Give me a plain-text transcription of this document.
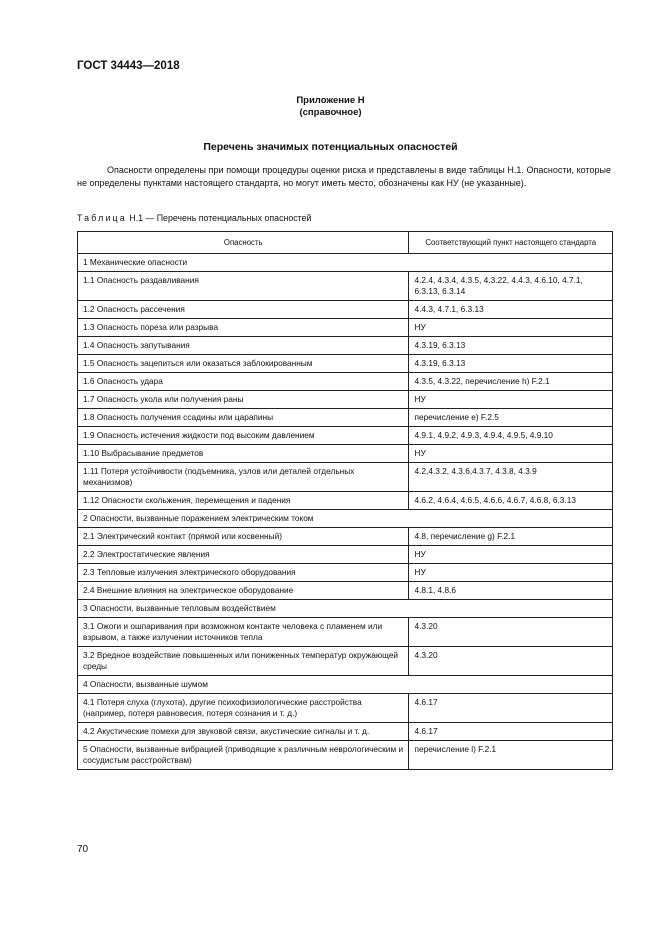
ГОСТ 34443—2018
Приложение Н
(справочное)
Перечень значимых потенциальных опасностей
Опасности определены при помощи процедуры оценки риска и представлены в виде таблицы Н.1. Опасности, которые не определены пунктами настоящего стандарта, но могут иметь место, обозначены как НУ (не указанные).
Таблица Н.1 — Перечень потенциальных опасностей
Опасность	Соответствующий пункт настоящего стандарта
1 Механические опасности	
1.1 Опасность раздавливания	4.2.4, 4.3.4, 4.3.5, 4.3.22, 4.4.3, 4.6.10, 4.7.1, 6.3.13, 6.3.14
1.2 Опасность рассечения	4.4.3, 4.7.1, 6.3.13
1.3 Опасность пореза или разрыва	НУ
1.4 Опасность запутывания	4.3.19, 6.3.13
1.5 Опасность зацепиться или оказаться заблокированным	4.3.19, 6.3.13
1.6 Опасность удара	4.3.5, 4.3.22, перечисление h) F.2.1
1.7 Опасность укола или получения раны	НУ
1.8 Опасность получения ссадины или царапины	перечисление е) F.2.5
1.9 Опасность истечения жидкости под высоким давлением	4.9.1, 4.9.2, 4.9.3, 4.9.4, 4.9.5, 4.9.10
1.10 Выбрасывание предметов	НУ
1.11 Потеря устойчивости (подъемника, узлов или деталей отдельных механизмов)	4.2,4.3.2, 4.3.6,4.3.7, 4.3.8, 4.3.9
1.12 Опасности скольжения, перемещения и падения	4.6.2, 4.6.4, 4.6.5, 4.6.6, 4.6.7, 4.6.8, 6.3.13
2 Опасности, вызванные поражением электрическим током	
2.1 Электрический контакт (прямой или косвенный)	4.8, перечисление g) F.2.1
2.2 Электростатические явления	НУ
2.3 Тепловые излучения электрического оборудования	НУ
2.4 Внешние влияния на электрическое оборудование	4.8.1, 4.8.6
3 Опасности, вызванные тепловым воздействием	
3.1 Ожоги и ошпаривания при возможном контакте человека с пламенем или взрывом, а также излучении источников тепла	4.3.20
3.2 Вредное воздействие повышенных или пониженных температур окружающей среды	4.3.20
4 Опасности, вызванные шумом	
4.1 Потеря слуха (глухота), другие психофизиологические расстройства (например, потеря равновесия, потеря сознания и т. д.)	4.6.17
4.2 Акустические помехи для звуковой связи, акустические сигналы и т. д.	4.6.17
5 Опасности, вызванные вибрацией (приводящие к различным неврологическим и сосудистым расстройствам)	перечисление l) F.2.1
70
